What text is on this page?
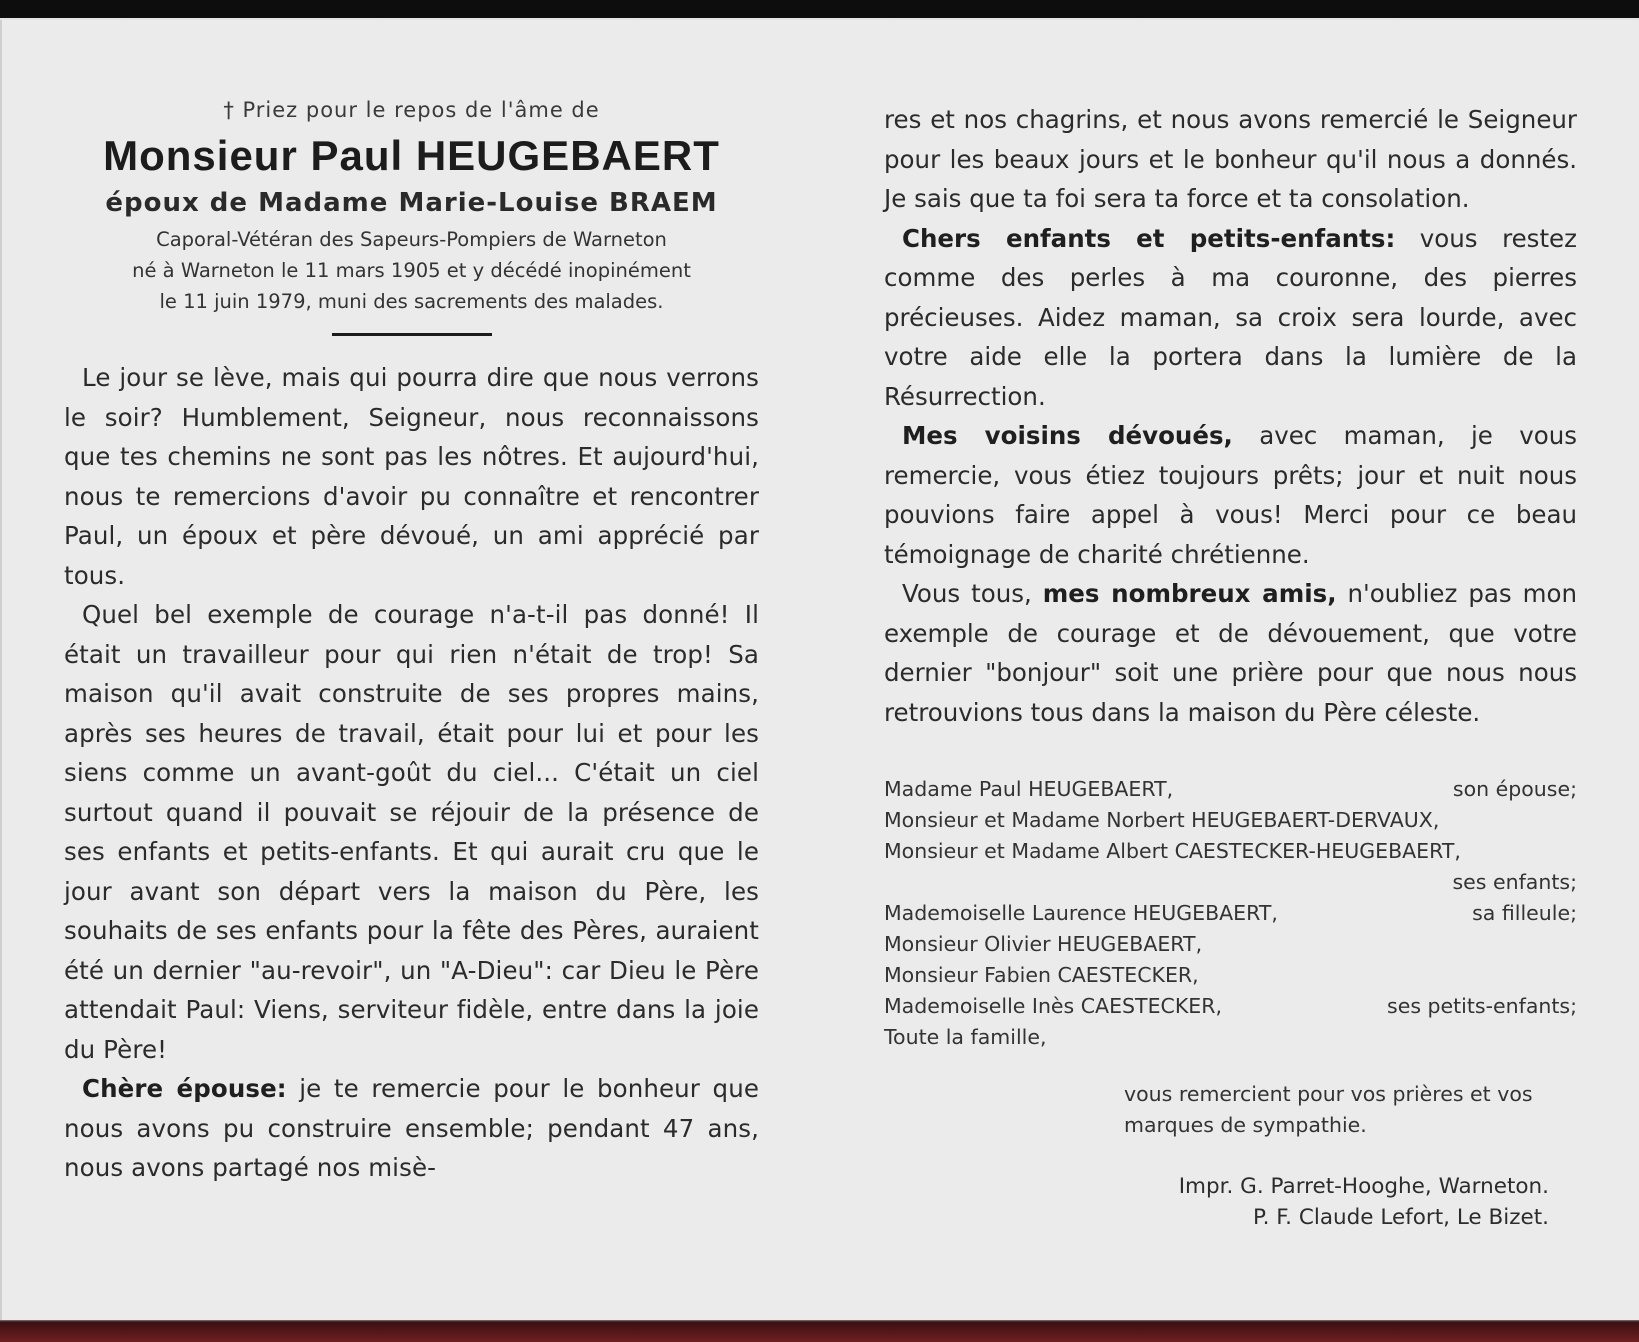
† Priez pour le repos de l'âme de
Monsieur Paul HEUGEBAERT
époux de Madame Marie-Louise BRAEM
Caporal-Vétéran des Sapeurs-Pompiers de Warneton
né à Warneton le 11 mars 1905 et y décédé inopinément
le 11 juin 1979, muni des sacrements des malades.

Le jour se lève, mais qui pourra dire que nous verrons le soir? Humblement, Seigneur, nous reconnaissons que tes chemins ne sont pas les nôtres. Et aujourd'hui, nous te remercions d'avoir pu connaître et rencontrer Paul, un époux et père dévoué, un ami apprécié par tous.

Quel bel exemple de courage n'a-t-il pas donné! Il était un travailleur pour qui rien n'était de trop! Sa maison qu'il avait construite de ses propres mains, après ses heures de travail, était pour lui et pour les siens comme un avant-goût du ciel... C'était un ciel surtout quand il pouvait se réjouir de la présence de ses enfants et petits-enfants. Et qui aurait cru que le jour avant son départ vers la maison du Père, les souhaits de ses enfants pour la fête des Pères, auraient été un dernier "au-revoir", un "A-Dieu": car Dieu le Père attendait Paul: Viens, serviteur fidèle, entre dans la joie du Père!

Chère épouse: je te remercie pour le bonheur que nous avons pu construire ensemble; pendant 47 ans, nous avons partagé nos misè-

res et nos chagrins, et nous avons remercié le Seigneur pour les beaux jours et le bonheur qu'il nous a donnés. Je sais que ta foi sera ta force et ta consolation.

Chers enfants et petits-enfants: vous restez comme des perles à ma couronne, des pierres précieuses. Aidez maman, sa croix sera lourde, avec votre aide elle la portera dans la lumière de la Résurrection.

Mes voisins dévoués, avec maman, je vous remercie, vous étiez toujours prêts; jour et nuit nous pouvions faire appel à vous! Merci pour ce beau témoignage de charité chrétienne.

Vous tous, mes nombreux amis, n'oubliez pas mon exemple de courage et de dévouement, que votre dernier "bonjour" soit une prière pour que nous nous retrouvions tous dans la maison du Père céleste.

Madame Paul HEUGEBAERT,	son épouse;
Monsieur et Madame Norbert HEUGEBAERT-DERVAUX,
Monsieur et Madame Albert CAESTECKER-HEUGEBAERT,
ses enfants;
Mademoiselle Laurence HEUGEBAERT,	sa filleule;
Monsieur Olivier HEUGEBAERT,
Monsieur Fabien CAESTECKER,
Mademoiselle Inès CAESTECKER,	ses petits-enfants;
Toute la famille,
vous remercient pour vos prières et vos
marques de sympathie.
Impr. G. Parret-Hooghe, Warneton.
P. F. Claude Lefort, Le Bizet.
